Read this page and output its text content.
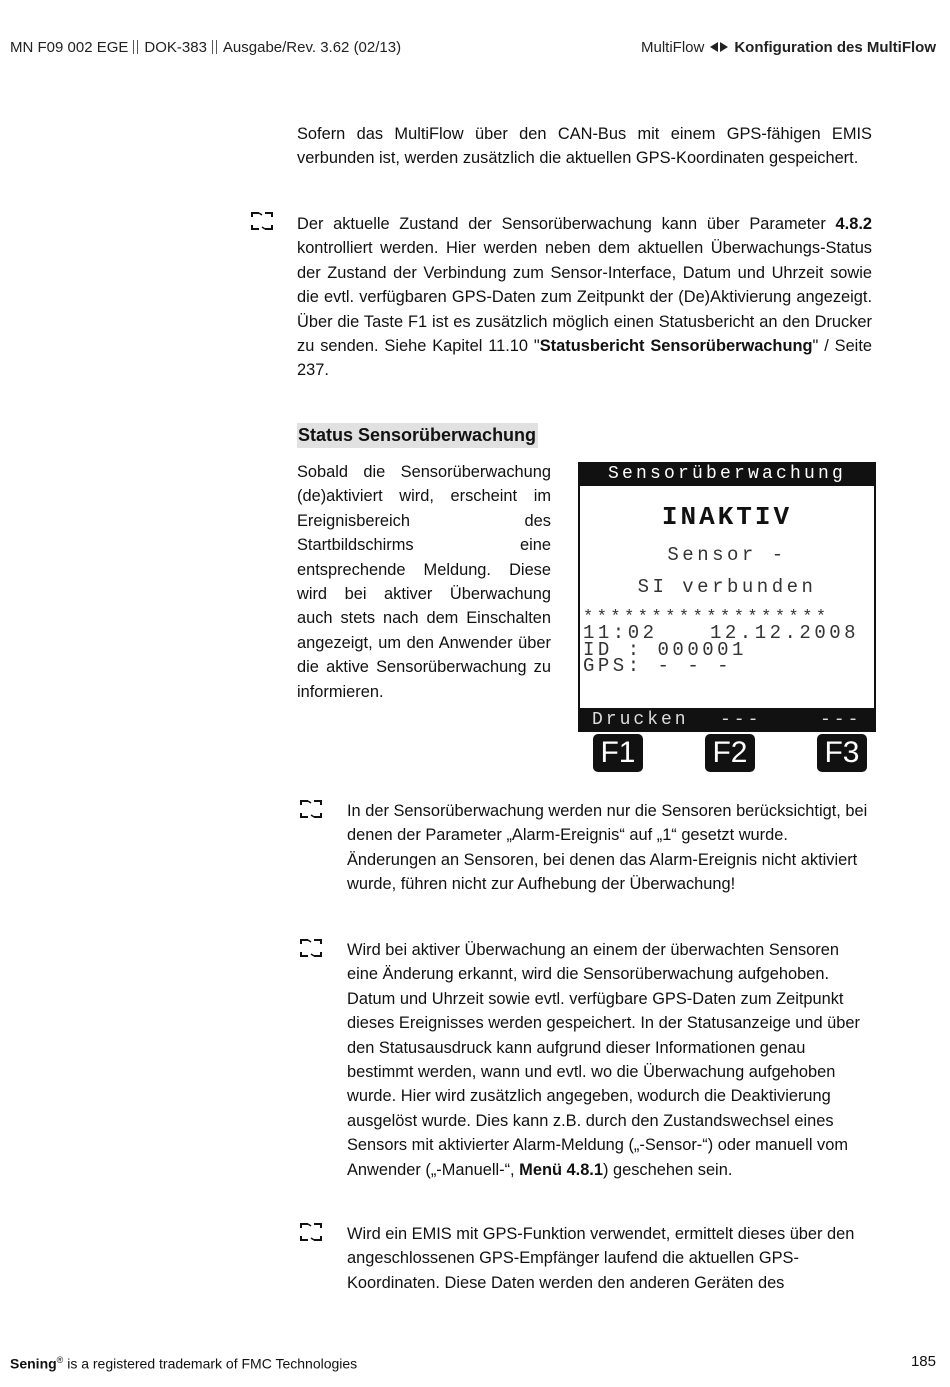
MN F09 002 EGE DOK-383 Ausgabe/Rev. 3.62 (02/13)	MultiFlow Konfiguration des MultiFlow
Sofern das MultiFlow über den CAN-Bus mit einem GPS-fähigen EMIS verbunden ist, werden zusätzlich die aktuellen GPS-Koordinaten gespeichert.
Der aktuelle Zustand der Sensorüberwachung kann über Parameter 4.8.2 kontrolliert werden. Hier werden neben dem aktuellen Überwachungs-Status der Zustand der Verbindung zum Sensor-Interface, Datum und Uhrzeit sowie die evtl. verfügbaren GPS-Daten zum Zeitpunkt der (De)Aktivierung angezeigt. Über die Taste F1 ist es zusätzlich möglich einen Statusbericht an den Drucker zu senden. Siehe Kapitel 11.10 "Statusbericht Sensorüberwachung" / Seite 237.
Status Sensorüberwachung
Sobald die Sensorüberwachung (de)aktiviert wird, erscheint im Ereignisbereich des Startbildschirms eine entsprechende Meldung. Diese wird bei aktiver Überwachung auch stets nach dem Einschalten angezeigt, um den Anwender über die aktive Sensorüberwachung zu informieren.
Sensorüberwachung
INAKTIV
Sensor -
SI verbunden
******************
11:02	12.12.2008
ID : 000001
GPS: - - -
Drucken ---	---
F1	F2	F3
In der Sensorüberwachung werden nur die Sensoren berücksichtigt, bei denen der Parameter „Alarm-Ereignis“ auf „1“ gesetzt wurde. Änderungen an Sensoren, bei denen das Alarm-Ereignis nicht aktiviert wurde, führen nicht zur Aufhebung der Überwachung!
Wird bei aktiver Überwachung an einem der überwachten Sensoren eine Änderung erkannt, wird die Sensorüberwachung aufgehoben. Datum und Uhrzeit sowie evtl. verfügbare GPS-Daten zum Zeitpunkt dieses Ereignisses werden gespeichert. In der Statusanzeige und über den Statusausdruck kann aufgrund dieser Informationen genau bestimmt werden, wann und evtl. wo die Überwachung aufgehoben wurde. Hier wird zusätzlich angegeben, wodurch die Deaktivierung ausgelöst wurde. Dies kann z.B. durch den Zustandswechsel eines Sensors mit aktivierter Alarm-Meldung („-Sensor-“) oder manuell vom Anwender („-Manuell-“, Menü 4.8.1) geschehen sein.
Wird ein EMIS mit GPS-Funktion verwendet, ermittelt dieses über den angeschlossenen GPS-Empfänger laufend die aktuellen GPS-Koordinaten. Diese Daten werden den anderen Geräten des
Sening® is a registered trademark of FMC Technologies	185
